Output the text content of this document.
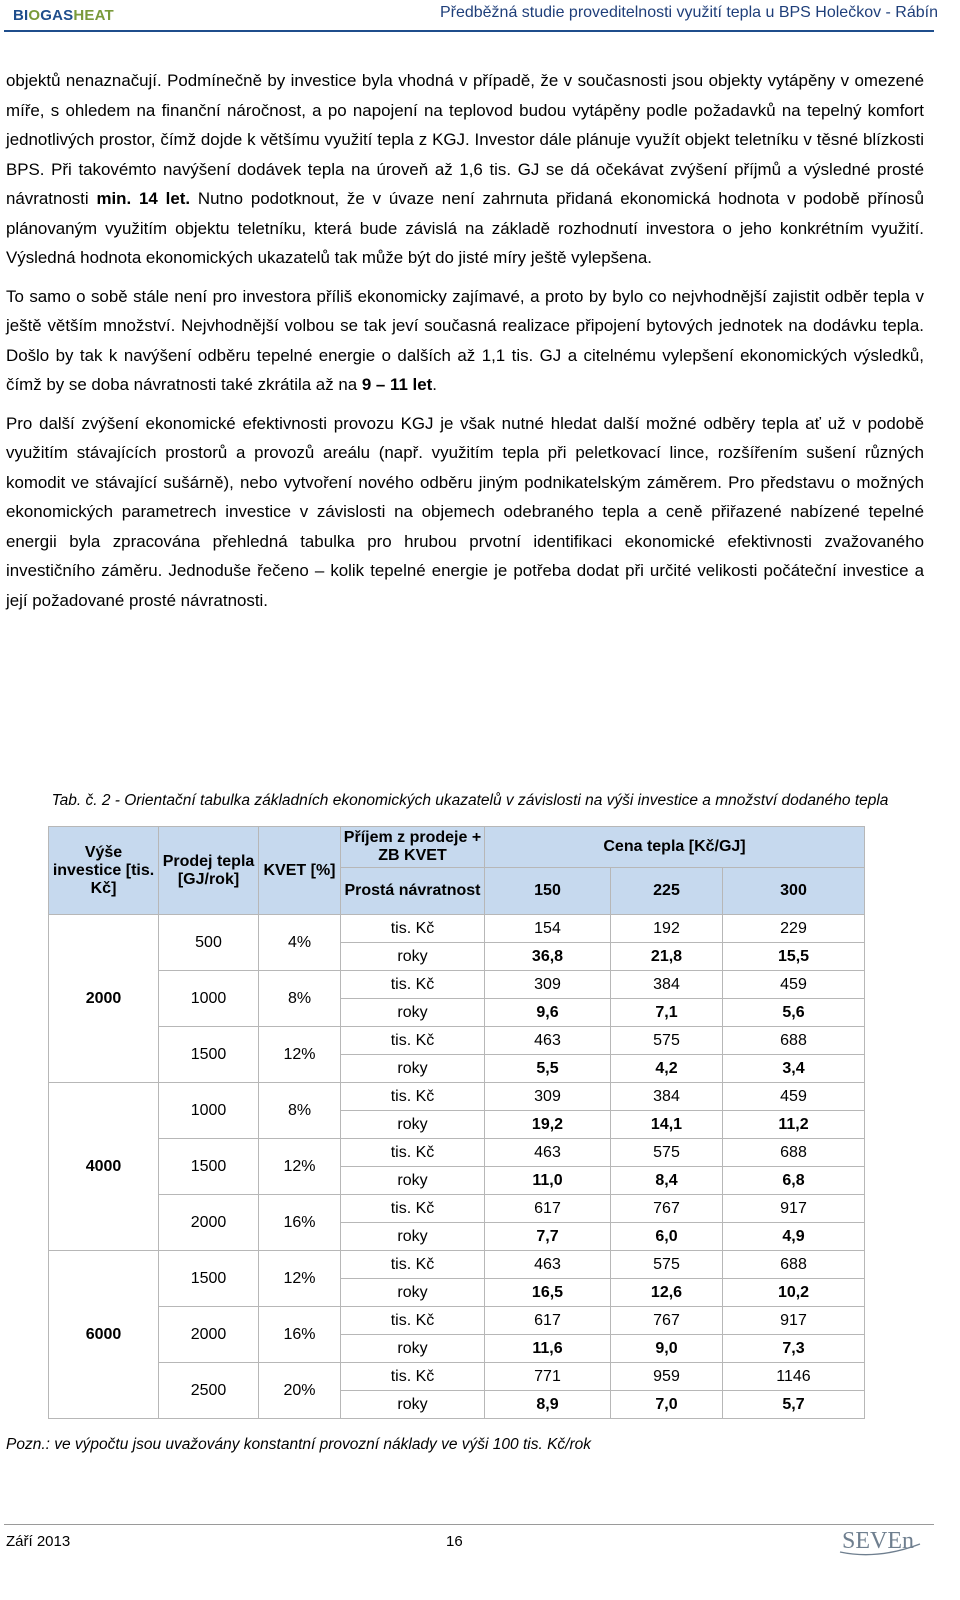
BIOGASHEAT	Předběžná studie proveditelnosti využití tepla u BPS Holečkov - Rábín

objektů nenaznačují. Podmínečně by investice byla vhodná v případě, že v současnosti jsou objekty vytápěny v omezené míře, s ohledem na finanční náročnost, a po napojení na teplovod budou vytápěny podle požadavků na tepelný komfort jednotlivých prostor, čímž dojde k většímu využití tepla z KGJ. Investor dále plánuje využít objekt teletníku v těsné blízkosti BPS. Při takovémto navýšení dodávek tepla na úroveň až 1,6 tis. GJ se dá očekávat zvýšení příjmů a výsledné prosté návratnosti min. 14 let. Nutno podotknout, že v úvaze není zahrnuta přidaná ekonomická hodnota v podobě přínosů plánovaným využitím objektu teletníku, která bude závislá na základě rozhodnutí investora o jeho konkrétním využití. Výsledná hodnota ekonomických ukazatelů tak může být do jisté míry ještě vylepšena.

To samo o sobě stále není pro investora příliš ekonomicky zajímavé, a proto by bylo co nejvhodnější zajistit odběr tepla v ještě větším množství. Nejvhodnější volbou se tak jeví současná realizace připojení bytových jednotek na dodávku tepla. Došlo by tak k navýšení odběru tepelné energie o dalších až 1,1 tis. GJ a citelnému vylepšení ekonomických výsledků, čímž by se doba návratnosti také zkrátila až na 9 – 11 let.

Pro další zvýšení ekonomické efektivnosti provozu KGJ je však nutné hledat další možné odběry tepla ať už v podobě využitím stávajících prostorů a provozů areálu (např. využitím tepla při peletkovací lince, rozšířením sušení různých komodit ve stávající sušárně), nebo vytvoření nového odběru jiným podnikatelským záměrem. Pro představu o možných ekonomických parametrech investice v závislosti na objemech odebraného tepla a ceně přiřazené nabízené tepelné energii byla zpracována přehledná tabulka pro hrubou prvotní identifikaci ekonomické efektivnosti zvažovaného investičního záměru. Jednoduše řečeno – kolik tepelné energie je potřeba dodat při určité velikosti počáteční investice a její požadované prosté návratnosti.

Tab. č. 2 - Orientační tabulka základních ekonomických ukazatelů v závislosti na výši investice a množství dodaného tepla
Výše investice [tis. Kč]	Prodej tepla [GJ/rok]	KVET [%]	Příjem z prodeje + ZB KVET	Cena tepla [Kč/GJ]		
			Prostá návratnost	150	225	300
2000	500	4%	tis. Kč	154	192	229
			roky	36,8	21,8	15,5
	1000	8%	tis. Kč	309	384	459
			roky	9,6	7,1	5,6
	1500	12%	tis. Kč	463	575	688
			roky	5,5	4,2	3,4
4000	1000	8%	tis. Kč	309	384	459
			roky	19,2	14,1	11,2
	1500	12%	tis. Kč	463	575	688
			roky	11,0	8,4	6,8
	2000	16%	tis. Kč	617	767	917
			roky	7,7	6,0	4,9
6000	1500	12%	tis. Kč	463	575	688
			roky	16,5	12,6	10,2
	2000	16%	tis. Kč	617	767	917
			roky	11,6	9,0	7,3
	2500	20%	tis. Kč	771	959	1146
			roky	8,9	7,0	5,7
Pozn.: ve výpočtu jsou uvažovány konstantní provozní náklady ve výši 100 tis. Kč/rok
Září 2013	16	SEVEn
